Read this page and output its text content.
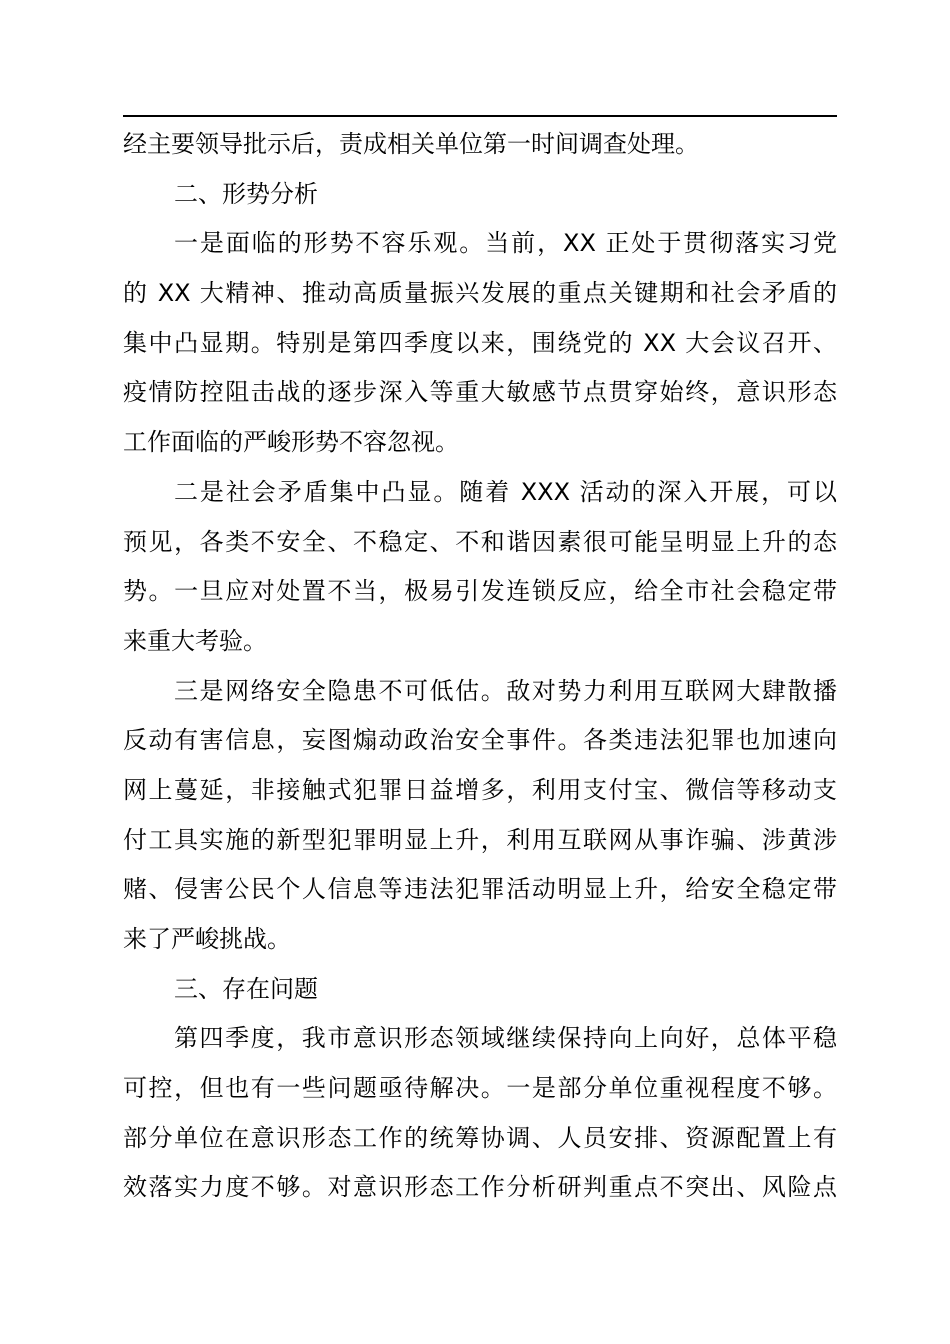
经主要领导批示后，责成相关单位第一时间调查处理。
二、形势分析
一是面临的形势不容乐观。当前，XX 正处于贯彻落实习党
的 XX 大精神、推动高质量振兴发展的重点关键期和社会矛盾的
集中凸显期。特别是第四季度以来，围绕党的 XX 大会议召开、
疫情防控阻击战的逐步深入等重大敏感节点贯穿始终，意识形态
工作面临的严峻形势不容忽视。
二是社会矛盾集中凸显。随着 XXX 活动的深入开展，可以
预见，各类不安全、不稳定、不和谐因素很可能呈明显上升的态
势。一旦应对处置不当，极易引发连锁反应，给全市社会稳定带
来重大考验。
三是网络安全隐患不可低估。敌对势力利用互联网大肆散播
反动有害信息，妄图煽动政治安全事件。各类违法犯罪也加速向
网上蔓延，非接触式犯罪日益增多，利用支付宝、微信等移动支
付工具实施的新型犯罪明显上升，利用互联网从事诈骗、涉黄涉
赌、侵害公民个人信息等违法犯罪活动明显上升，给安全稳定带
来了严峻挑战。
三、存在问题
第四季度，我市意识形态领域继续保持向上向好，总体平稳
可控，但也有一些问题亟待解决。一是部分单位重视程度不够。
部分单位在意识形态工作的统筹协调、人员安排、资源配置上有
效落实力度不够。对意识形态工作分析研判重点不突出、风险点
